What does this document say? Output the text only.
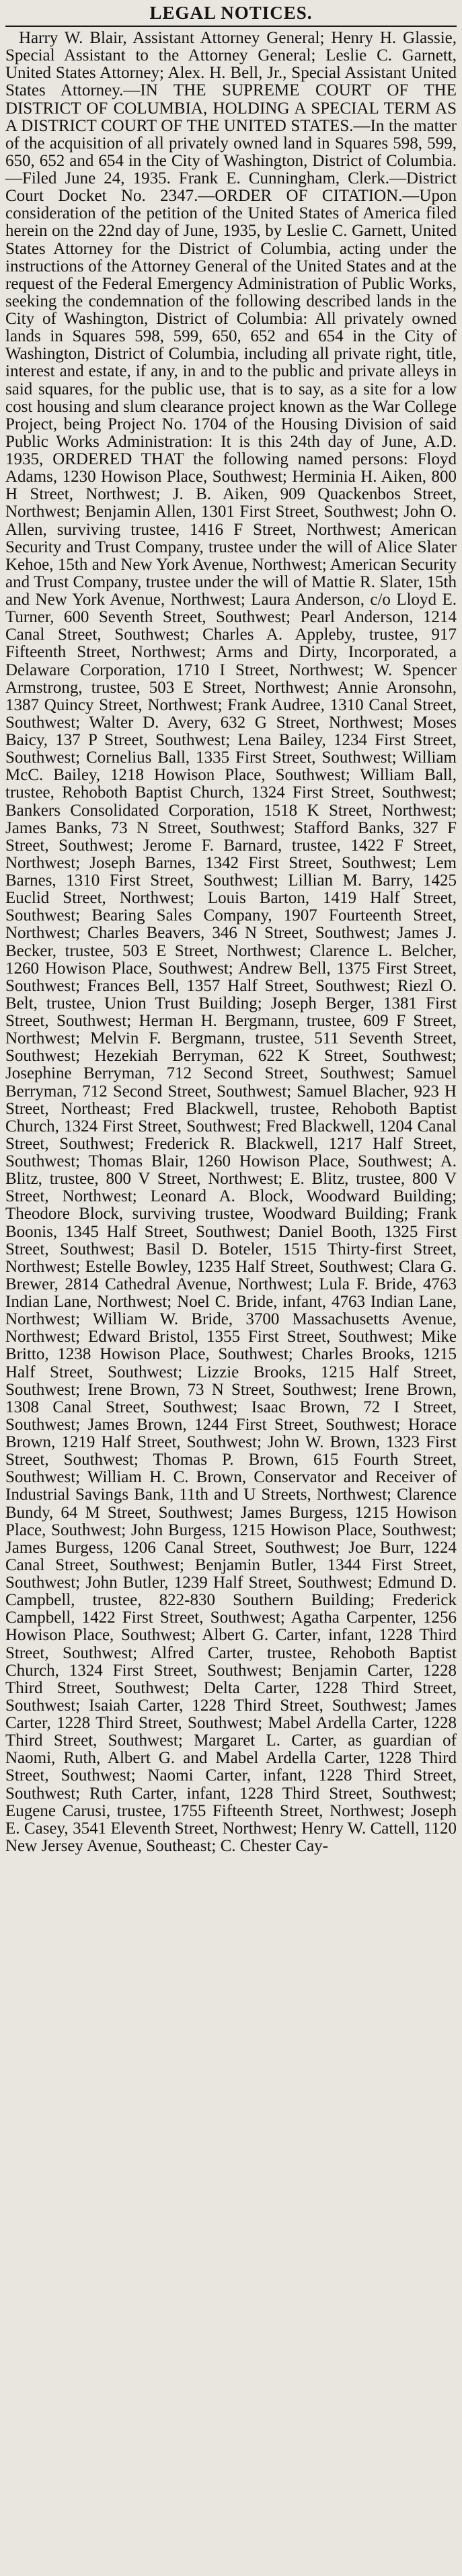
LEGAL NOTICES.

Harry W. Blair, Assistant Attorney General; Henry H. Glassie, Special Assistant to the Attorney General; Leslie C. Garnett, United States Attorney; Alex. H. Bell, Jr., Special Assistant United States Attorney.—IN THE SUPREME COURT OF THE DISTRICT OF COLUMBIA, HOLDING A SPECIAL TERM AS A DISTRICT COURT OF THE UNITED STATES.—In the matter of the acquisition of all privately owned land in Squares 598, 599, 650, 652 and 654 in the City of Washington, District of Columbia.—Filed June 24, 1935. Frank E. Cunningham, Clerk.—District Court Docket No. 2347.—ORDER OF CITATION.—Upon consideration of the petition of the United States of America filed herein on the 22nd day of June, 1935, by Leslie C. Garnett, United States Attorney for the District of Columbia, acting under the instructions of the Attorney General of the United States and at the request of the Federal Emergency Administration of Public Works, seeking the condemnation of the following described lands in the City of Washington, District of Columbia: All privately owned lands in Squares 598, 599, 650, 652 and 654 in the City of Washington, District of Columbia, including all private right, title, interest and estate, if any, in and to the public and private alleys in said squares, for the public use, that is to say, as a site for a low cost housing and slum clearance project known as the War College Project, being Project No. 1704 of the Housing Division of said Public Works Administration: It is this 24th day of June, A.D. 1935, ORDERED THAT the following named persons: Floyd Adams, 1230 Howison Place, Southwest; Herminia H. Aiken, 800 H Street, Northwest; J. B. Aiken, 909 Quackenbos Street, Northwest; Benjamin Allen, 1301 First Street, Southwest; John O. Allen, surviving trustee, 1416 F Street, Northwest; American Security and Trust Company, trustee under the will of Alice Slater Kehoe, 15th and New York Avenue, Northwest; American Security and Trust Company, trustee under the will of Mattie R. Slater, 15th and New York Avenue, Northwest; Laura Anderson, c/o Lloyd E. Turner, 600 Seventh Street, Southwest; Pearl Anderson, 1214 Canal Street, Southwest; Charles A. Appleby, trustee, 917 Fifteenth Street, Northwest; Arms and Dirty, Incorporated, a Delaware Corporation, 1710 I Street, Northwest; W. Spencer Armstrong, trustee, 503 E Street, Northwest; Annie Aronsohn, 1387 Quincy Street, Northwest; Frank Audree, 1310 Canal Street, Southwest; Walter D. Avery, 632 G Street, Northwest; Moses Baicy, 137 P Street, Southwest; Lena Bailey, 1234 First Street, Southwest; Cornelius Ball, 1335 First Street, Southwest; William McC. Bailey, 1218 Howison Place, Southwest; William Ball, trustee, Rehoboth Baptist Church, 1324 First Street, Southwest; Bankers Consolidated Corporation, 1518 K Street, Northwest; James Banks, 73 N Street, Southwest; Stafford Banks, 327 F Street, Southwest; Jerome F. Barnard, trustee, 1422 F Street, Northwest; Joseph Barnes, 1342 First Street, Southwest; Lem Barnes, 1310 First Street, Southwest; Lillian M. Barry, 1425 Euclid Street, Northwest; Louis Barton, 1419 Half Street, Southwest; Bearing Sales Company, 1907 Fourteenth Street, Northwest; Charles Beavers, 346 N Street, Southwest; James J. Becker, trustee, 503 E Street, Northwest; Clarence L. Belcher, 1260 Howison Place, Southwest; Andrew Bell, 1375 First Street, Southwest; Frances Bell, 1357 Half Street, Southwest; Riezl O. Belt, trustee, Union Trust Building; Joseph Berger, 1381 First Street, Southwest; Herman H. Bergmann, trustee, 609 F Street, Northwest; Melvin F. Bergmann, trustee, 511 Seventh Street, Southwest; Hezekiah Berryman, 622 K Street, Southwest; Josephine Berryman, 712 Second Street, Southwest; Samuel Berryman, 712 Second Street, Southwest; Samuel Blacher, 923 H Street, Northeast; Fred Blackwell, trustee, Rehoboth Baptist Church, 1324 First Street, Southwest; Fred Blackwell, 1204 Canal Street, Southwest; Frederick R. Blackwell, 1217 Half Street, Southwest; Thomas Blair, 1260 Howison Place, Southwest; A. Blitz, trustee, 800 V Street, Northwest; E. Blitz, trustee, 800 V Street, Northwest; Leonard A. Block, Woodward Building; Theodore Block, surviving trustee, Woodward Building; Frank Boonis, 1345 Half Street, Southwest; Daniel Booth, 1325 First Street, Southwest; Basil D. Boteler, 1515 Thirty-first Street, Northwest; Estelle Bowley, 1235 Half Street, Southwest; Clara G. Brewer, 2814 Cathedral Avenue, Northwest; Lula F. Bride, 4763 Indian Lane, Northwest; Noel C. Bride, infant, 4763 Indian Lane, Northwest; William W. Bride, 3700 Massachusetts Avenue, Northwest; Edward Bristol, 1355 First Street, Southwest; Mike Britto, 1238 Howison Place, Southwest; Charles Brooks, 1215 Half Street, Southwest; Lizzie Brooks, 1215 Half Street, Southwest; Irene Brown, 73 N Street, Southwest; Irene Brown, 1308 Canal Street, Southwest; Isaac Brown, 72 I Street, Southwest; James Brown, 1244 First Street, Southwest; Horace Brown, 1219 Half Street, Southwest; John W. Brown, 1323 First Street, Southwest; Thomas P. Brown, 615 Fourth Street, Southwest; William H. C. Brown, Conservator and Receiver of Industrial Savings Bank, 11th and U Streets, Northwest; Clarence Bundy, 64 M Street, Southwest; James Burgess, 1215 Howison Place, Southwest; John Burgess, 1215 Howison Place, Southwest; James Burgess, 1206 Canal Street, Southwest; Joe Burr, 1224 Canal Street, Southwest; Benjamin Butler, 1344 First Street, Southwest; John Butler, 1239 Half Street, Southwest; Edmund D. Campbell, trustee, 822-830 Southern Building; Frederick Campbell, 1422 First Street, Southwest; Agatha Carpenter, 1256 Howison Place, Southwest; Albert G. Carter, infant, 1228 Third Street, Southwest; Alfred Carter, trustee, Rehoboth Baptist Church, 1324 First Street, Southwest; Benjamin Carter, 1228 Third Street, Southwest; Delta Carter, 1228 Third Street, Southwest; Isaiah Carter, 1228 Third Street, Southwest; James Carter, 1228 Third Street, Southwest; Mabel Ardella Carter, 1228 Third Street, Southwest; Margaret L. Carter, as guardian of Naomi, Ruth, Albert G. and Mabel Ardella Carter, 1228 Third Street, Southwest; Naomi Carter, infant, 1228 Third Street, Southwest; Ruth Carter, infant, 1228 Third Street, Southwest; Eugene Carusi, trustee, 1755 Fifteenth Street, Northwest; Joseph E. Casey, 3541 Eleventh Street, Northwest; Henry W. Cattell, 1120 New Jersey Avenue, Southeast; C. Chester Cay-
